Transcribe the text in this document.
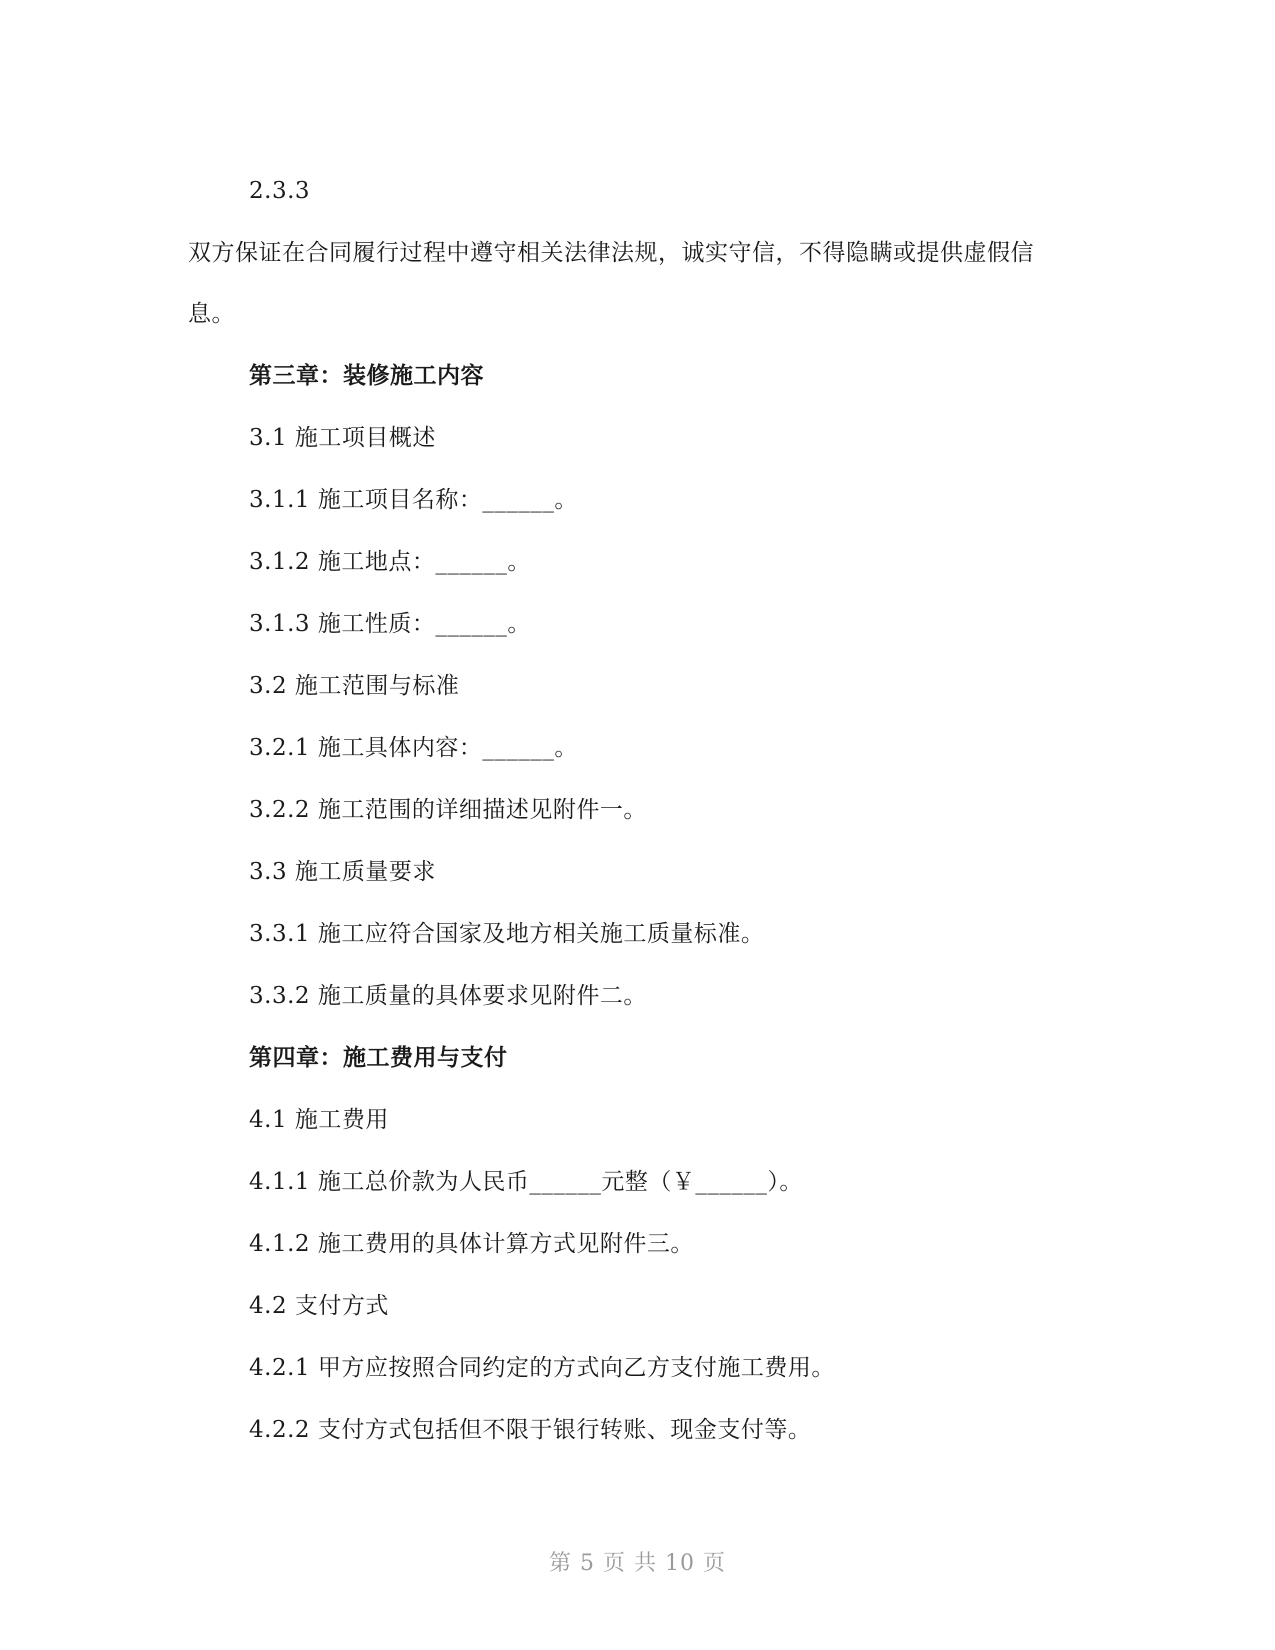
2.3.3
双方保证在合同履行过程中遵守相关法律法规，诚实守信，不得隐瞒或提供虚假信
息。
第三章：装修施工内容
3.1 施工项目概述
3.1.1 施工项目名称：______。
3.1.2 施工地点：______。
3.1.3 施工性质：______。
3.2 施工范围与标准
3.2.1 施工具体内容：______。
3.2.2 施工范围的详细描述见附件一。
3.3 施工质量要求
3.3.1 施工应符合国家及地方相关施工质量标准。
3.3.2 施工质量的具体要求见附件二。
第四章：施工费用与支付
4.1 施工费用
4.1.1 施工总价款为人民币______元整（￥______）。
4.1.2 施工费用的具体计算方式见附件三。
4.2 支付方式
4.2.1 甲方应按照合同约定的方式向乙方支付施工费用。
4.2.2 支付方式包括但不限于银行转账、现金支付等。
第 5 页 共 10 页
